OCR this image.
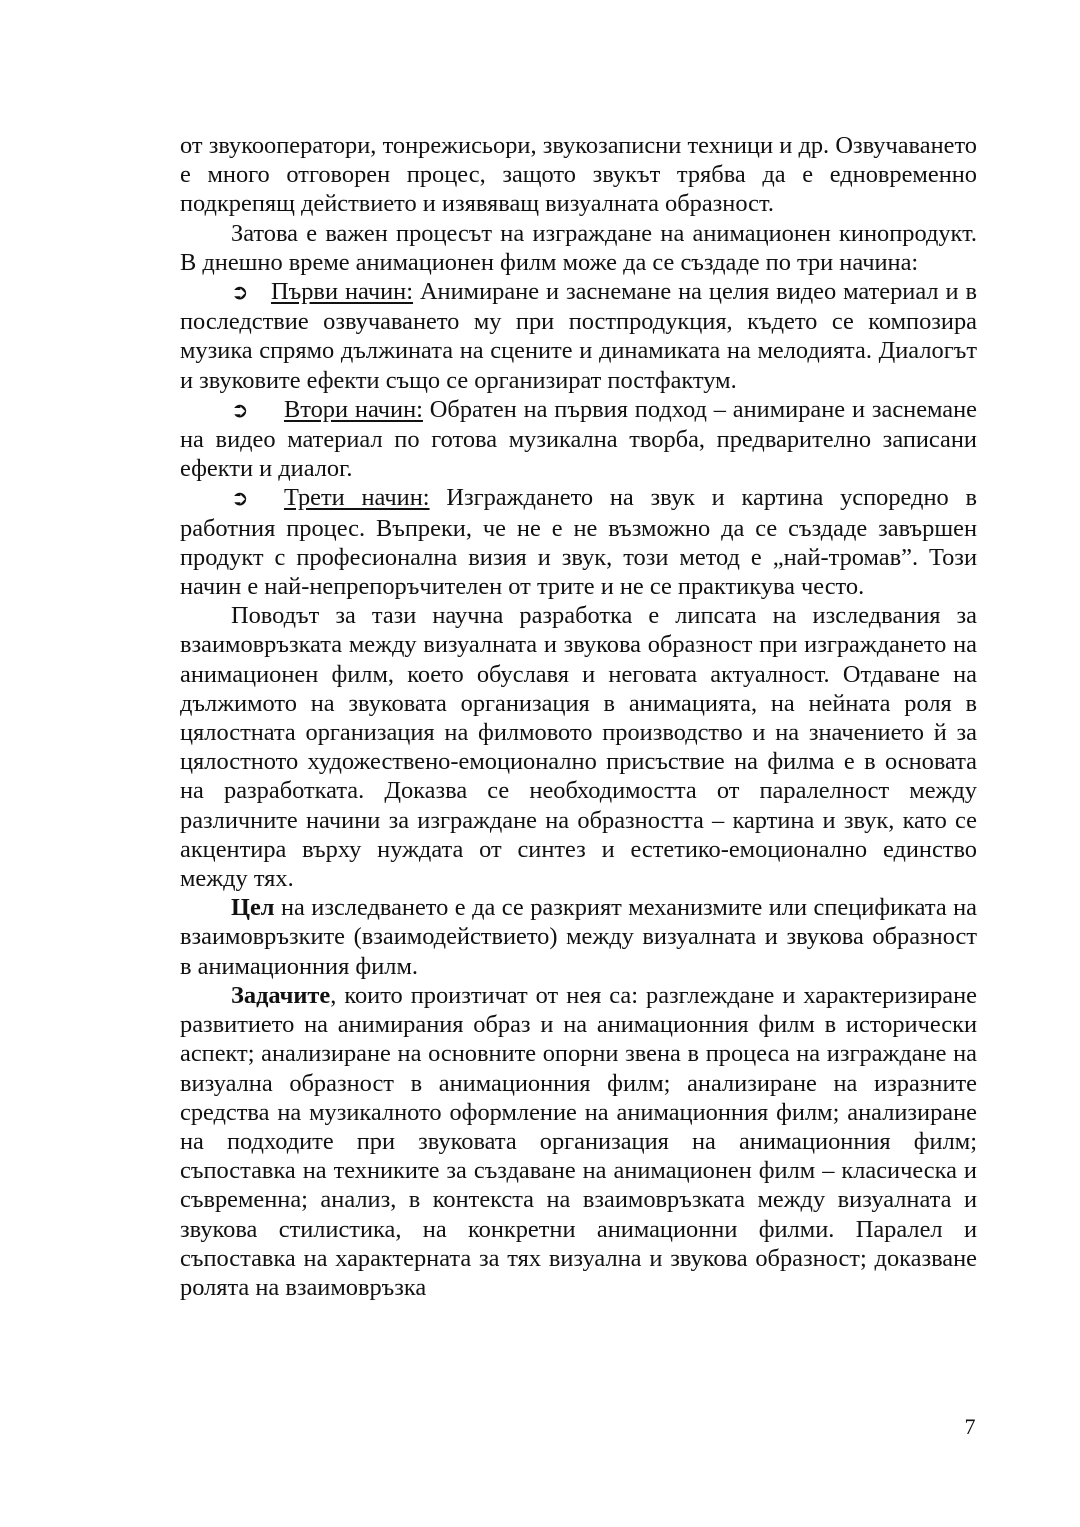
от звукооператори, тонрежисьори, звукозаписни техници и др. Озвучаването е много отговорен процес, защото звукът трябва да е едновременно подкрепящ действието и изявяващ визуалната образност.

Затова е важен процесът на изграждане на анимационен кинопродукт. В днешно време анимационен филм може да се създаде по три начина:

➲ Първи начин: Анимиране и заснемане на целия видео материал и в последствие озвучаването му при постпродукция, където се композира музика спрямо дължината на сцените и динамиката на мелодията. Диалогът и звуковите ефекти също се организират постфактум.

➲ Втори начин: Обратен на първия подход – анимиране и заснемане на видео материал по готова музикална творба, предварително записани ефекти и диалог.

➲ Трети начин: Изграждането на звук и картина успоредно в работния процес. Въпреки, че не е не възможно да се създаде завършен продукт с професионална визия и звук, този метод е „най-тромав”. Този начин е най-непрепоръчителен от трите и не се практикува често.

Поводът за тази научна разработка е липсата на изследвания за взаимовръзката между визуалната и звукова образност при изграждането на анимационен филм, което обуславя и неговата актуалност. Отдаване на дължимото на звуковата организация в анимацията, на нейната роля в цялостната организация на филмовото производство и на значението й за цялостното художествено-емоционално присъствие на филма е в основата на разработката. Доказва се необходимостта от паралелност между различните начини за изграждане на образността – картина и звук, като се акцентира върху нуждата от синтез и естетико-емоционално единство между тях.

Цел на изследването е да се разкрият механизмите или спецификата на взаимовръзките (взаимодействието) между визуалната и звукова образност в анимационния филм.

Задачите, които произтичат от нея са: разглеждане и характеризиране развитието на анимирания образ и на анимационния филм в исторически аспект; анализиране на основните опорни звена в процеса на изграждане на визуална образност в анимационния филм; анализиране на изразните средства на музикалното оформление на анимационния филм; анализиране на подходите при звуковата организация на анимационния филм; съпоставка на техниките за създаване на анимационен филм – класическа и съвременна; анализ, в контекста на взаимовръзката между визуалната и звукова стилистика, на конкретни анимационни филми. Паралел и съпоставка на характерната за тях визуална и звукова образност; доказване ролята на взаимовръзка

7
